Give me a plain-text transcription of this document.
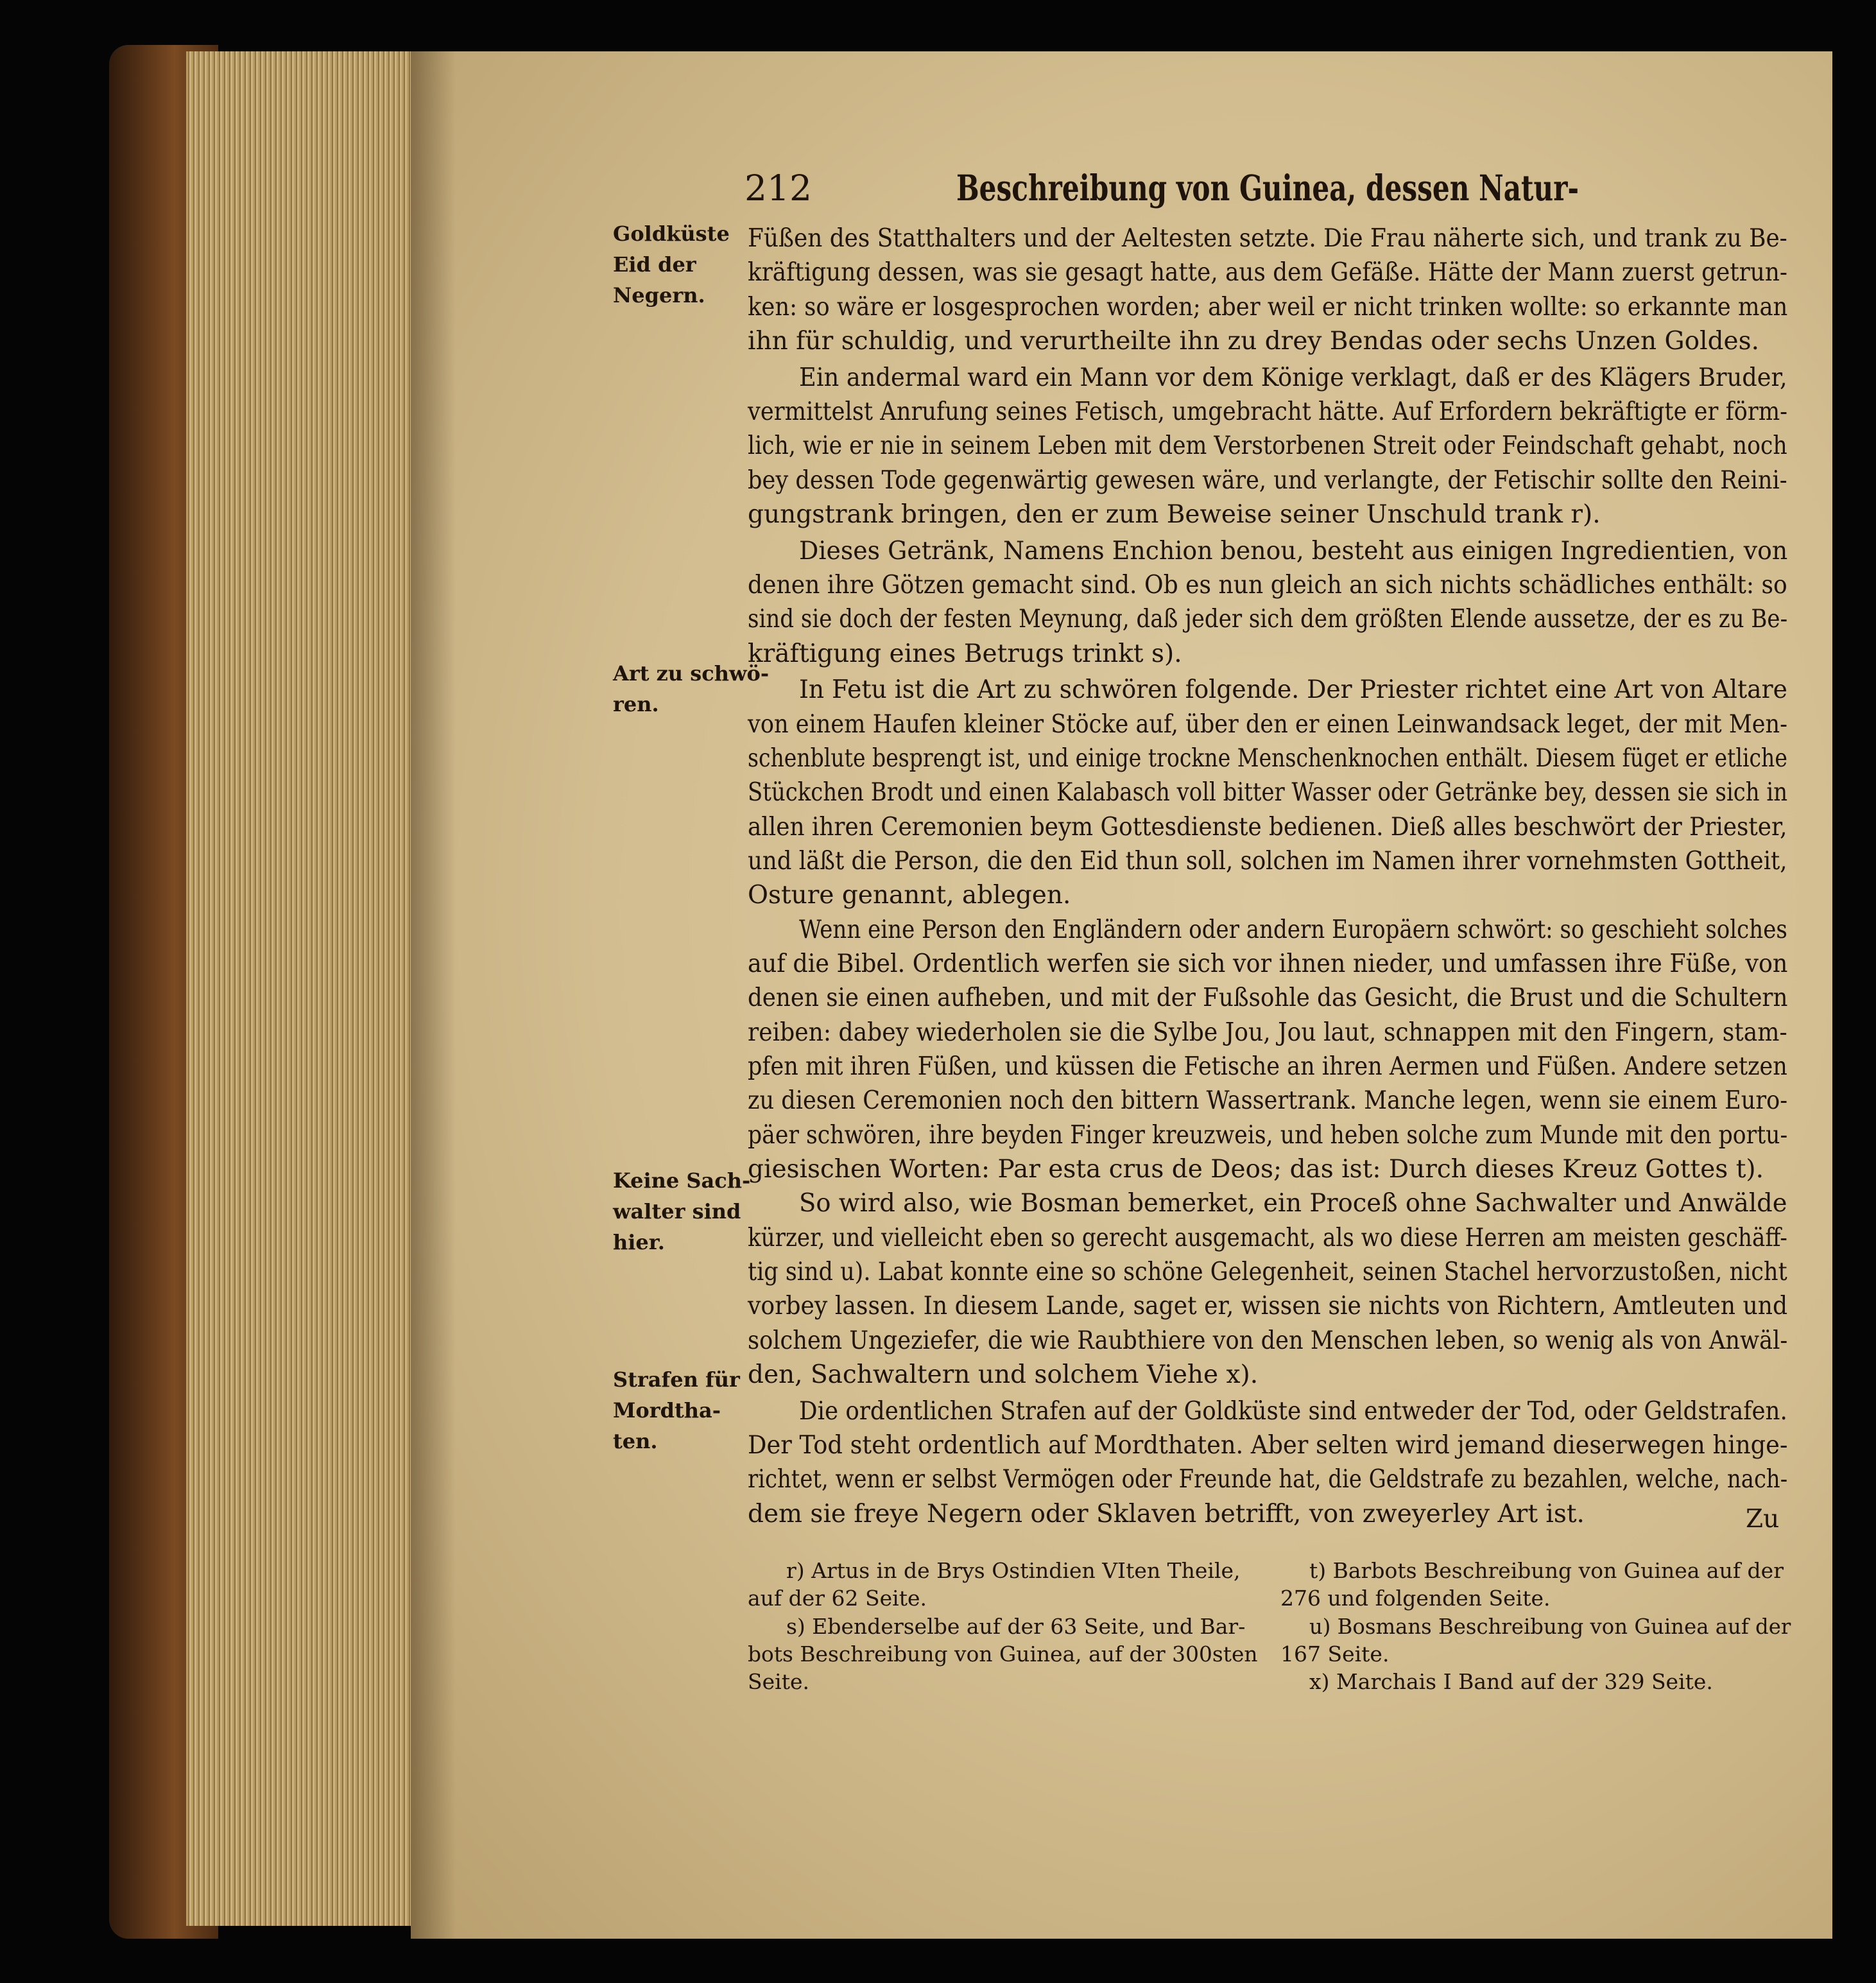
212	Beschreibung von Guinea, dessen Natur-
Goldküste
Eid der
Negern.
Art zu schwö-
ren.
Keine Sach-
walter sind
hier.
Strafen für
Mordtha-
ten.
Füßen des Statthalters und der Aeltesten setzte. Die Frau näherte sich, und trank zu Be-
kräftigung dessen, was sie gesagt hatte, aus dem Gefäße. Hätte der Mann zuerst getrun-
ken: so wäre er losgesprochen worden; aber weil er nicht trinken wollte: so erkannte man
ihn für schuldig, und verurtheilte ihn zu drey Bendas oder sechs Unzen Goldes.
Ein andermal ward ein Mann vor dem Könige verklagt, daß er des Klägers Bruder,
vermittelst Anrufung seines Fetisch, umgebracht hätte. Auf Erfordern bekräftigte er förm-
lich, wie er nie in seinem Leben mit dem Verstorbenen Streit oder Feindschaft gehabt, noch
bey dessen Tode gegenwärtig gewesen wäre, und verlangte, der Fetischir sollte den Reini-
gungstrank bringen, den er zum Beweise seiner Unschuld trank r).
Dieses Getränk, Namens Enchion benou, besteht aus einigen Ingredientien, von
denen ihre Götzen gemacht sind. Ob es nun gleich an sich nichts schädliches enthält: so
sind sie doch der festen Meynung, daß jeder sich dem größten Elende aussetze, der es zu Be-
kräftigung eines Betrugs trinkt s).
In Fetu ist die Art zu schwören folgende. Der Priester richtet eine Art von Altare
von einem Haufen kleiner Stöcke auf, über den er einen Leinwandsack leget, der mit Men-
schenblute besprengt ist, und einige trockne Menschenknochen enthält. Diesem füget er etliche
Stückchen Brodt und einen Kalabasch voll bitter Wasser oder Getränke bey, dessen sie sich in
allen ihren Ceremonien beym Gottesdienste bedienen. Dieß alles beschwört der Priester,
und läßt die Person, die den Eid thun soll, solchen im Namen ihrer vornehmsten Gottheit,
Osture genannt, ablegen.
Wenn eine Person den Engländern oder andern Europäern schwört: so geschieht solches
auf die Bibel. Ordentlich werfen sie sich vor ihnen nieder, und umfassen ihre Füße, von
denen sie einen aufheben, und mit der Fußsohle das Gesicht, die Brust und die Schultern
reiben: dabey wiederholen sie die Sylbe Jou, Jou laut, schnappen mit den Fingern, stam-
pfen mit ihren Füßen, und küssen die Fetische an ihren Aermen und Füßen. Andere setzen
zu diesen Ceremonien noch den bittern Wassertrank. Manche legen, wenn sie einem Euro-
päer schwören, ihre beyden Finger kreuzweis, und heben solche zum Munde mit den portu-
giesischen Worten: Par esta crus de Deos; das ist: Durch dieses Kreuz Gottes t).
So wird also, wie Bosman bemerket, ein Proceß ohne Sachwalter und Anwälde
kürzer, und vielleicht eben so gerecht ausgemacht, als wo diese Herren am meisten geschäff-
tig sind u). Labat konnte eine so schöne Gelegenheit, seinen Stachel hervorzustoßen, nicht
vorbey lassen. In diesem Lande, saget er, wissen sie nichts von Richtern, Amtleuten und
solchem Ungeziefer, die wie Raubthiere von den Menschen leben, so wenig als von Anwäl-
den, Sachwaltern und solchem Viehe x).
Die ordentlichen Strafen auf der Goldküste sind entweder der Tod, oder Geldstrafen.
Der Tod steht ordentlich auf Mordthaten. Aber selten wird jemand dieserwegen hinge-
richtet, wenn er selbst Vermögen oder Freunde hat, die Geldstrafe zu bezahlen, welche, nach-
dem sie freye Negern oder Sklaven betrifft, von zweyerley Art ist.	Zu
r) Artus in de Brys Ostindien VIten Theile,
auf der 62 Seite.
s) Ebenderselbe auf der 63 Seite, und Bar-
bots Beschreibung von Guinea, auf der 300sten
Seite.
t) Barbots Beschreibung von Guinea auf der
276 und folgenden Seite.
u) Bosmans Beschreibung von Guinea auf der
167 Seite.
x) Marchais I Band auf der 329 Seite.
